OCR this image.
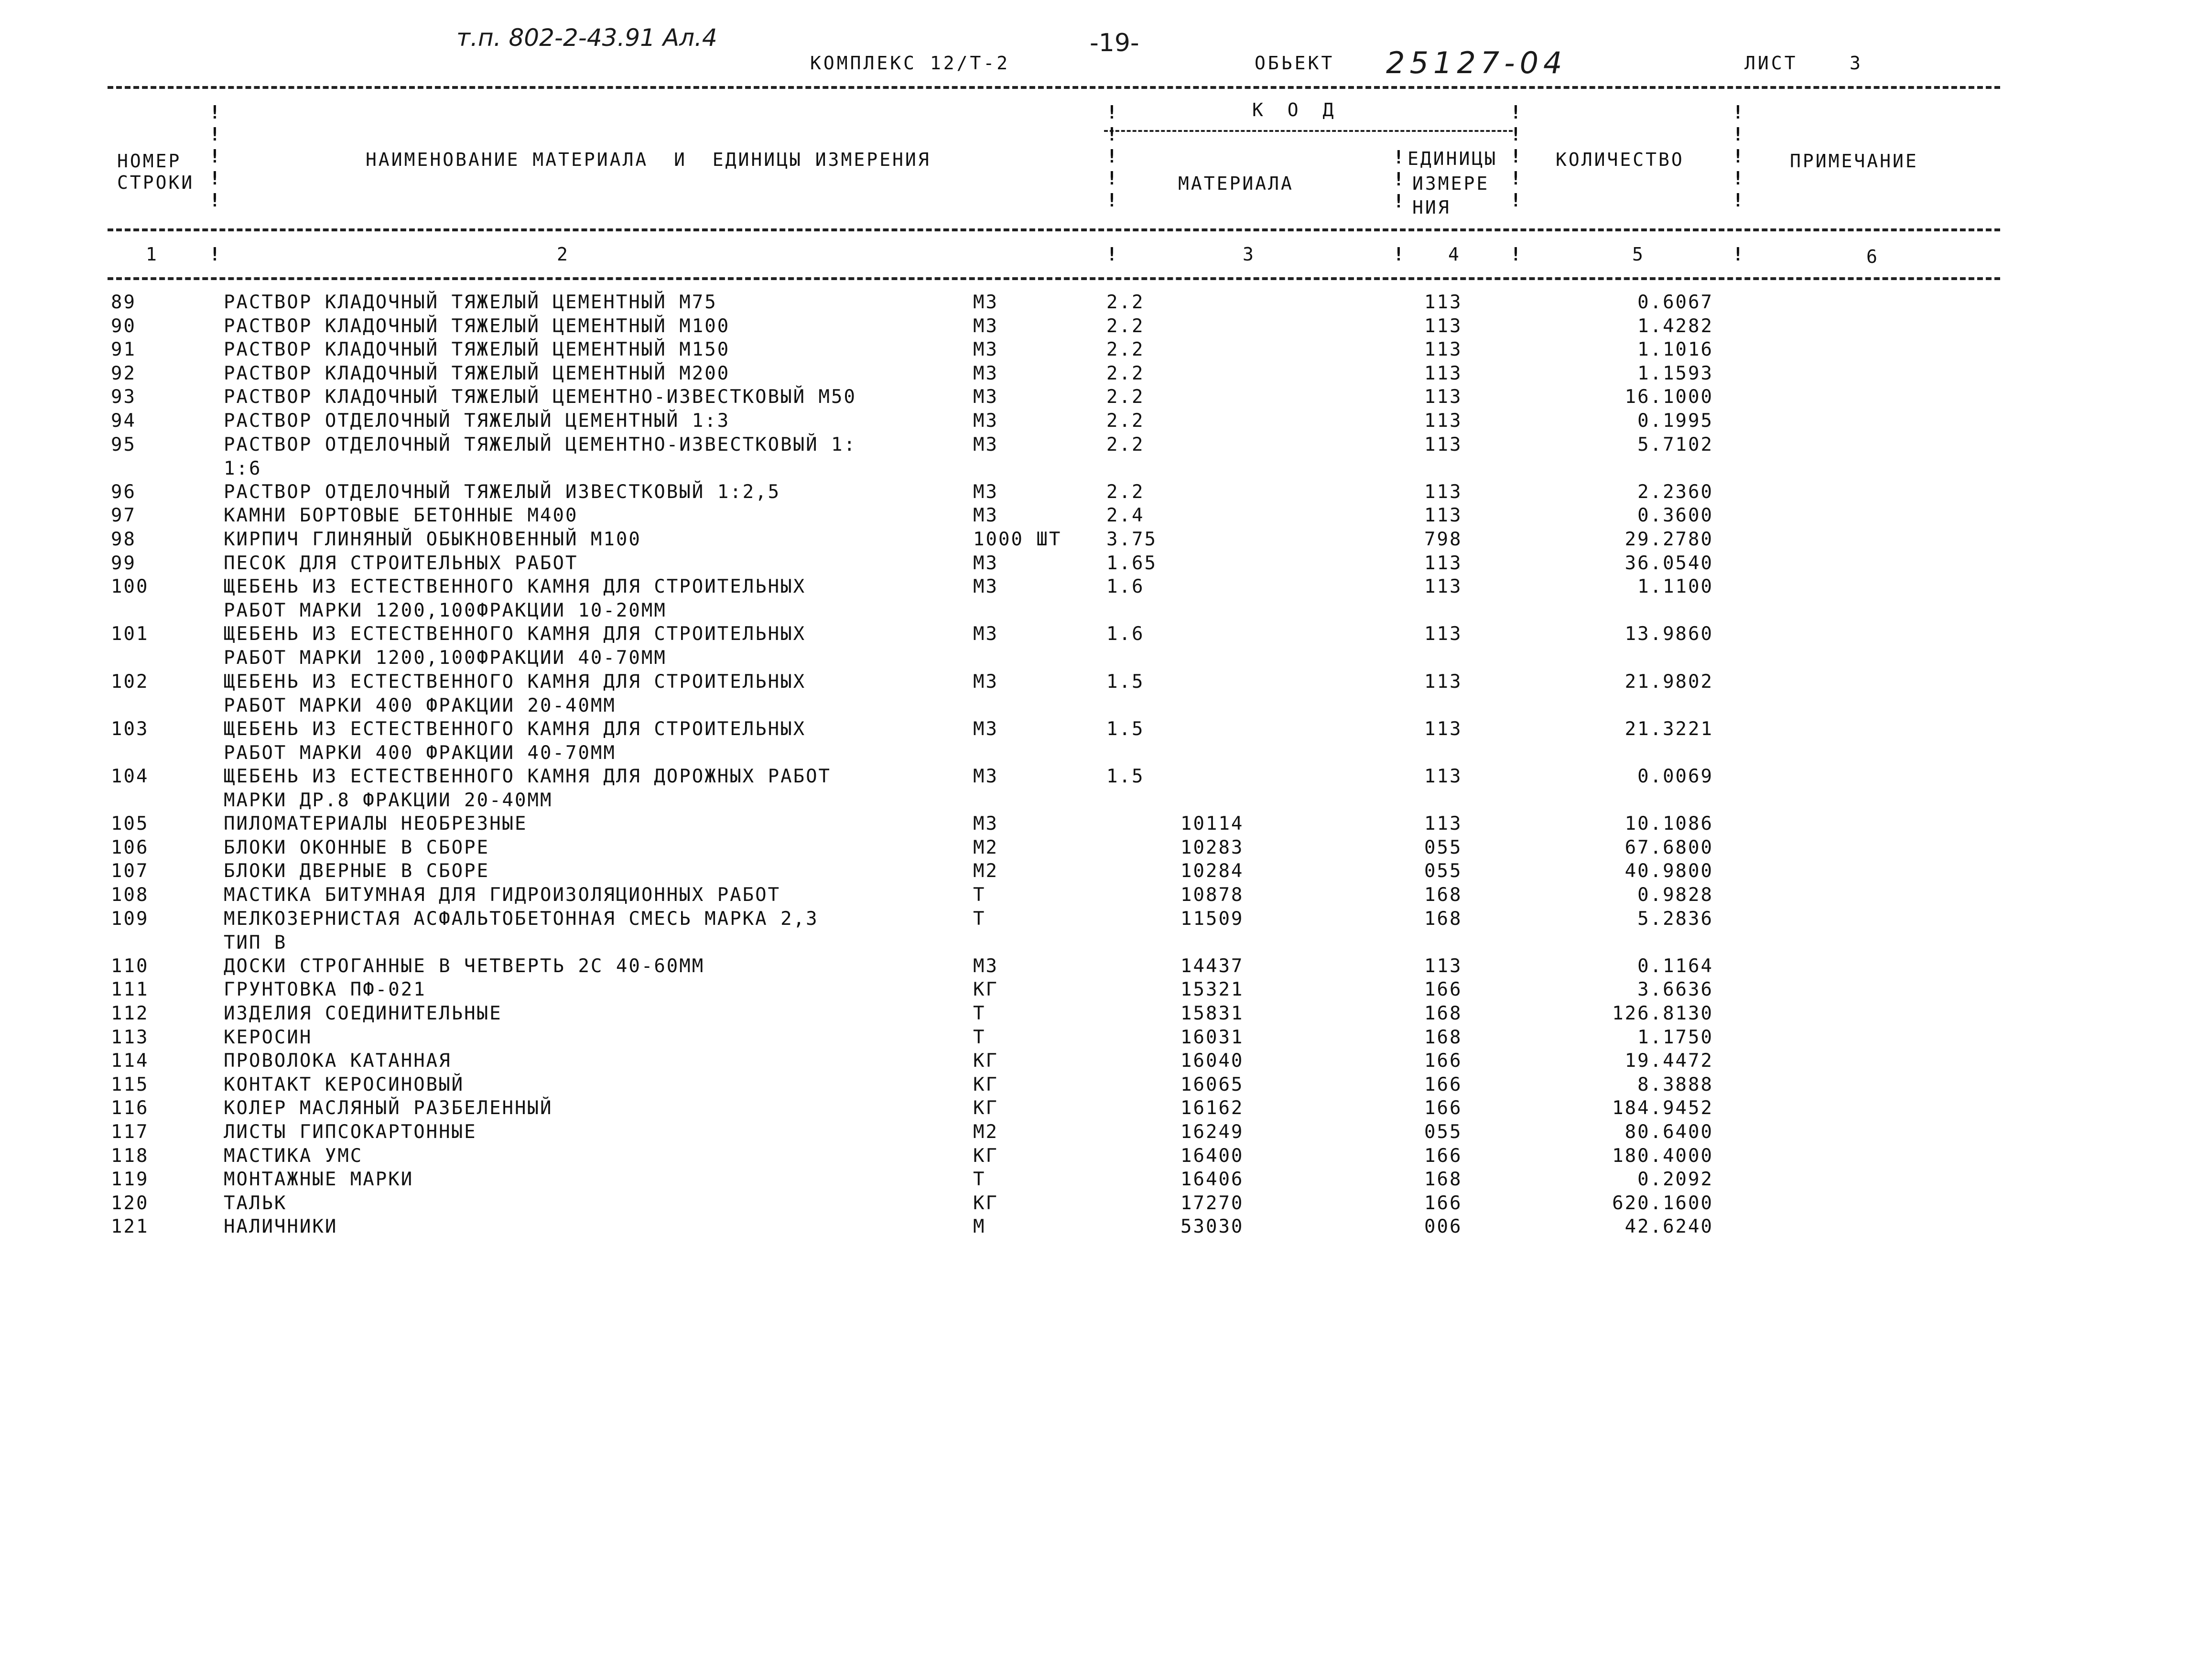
т.п. 802-2-43.91 Ал.4	-19-
25127-04
КОМПЛЕКС 12/Т-2	ОБЬЕКТ	ЛИСТ	3
!
!
!
!
!
!
!
!
!
!
!
!
!
!
!
!
!
!
!
!
!
!
!
НОМЕР
СТРОКИ
НАИМЕНОВАНИЕ МАТЕРИАЛА  И  ЕДИНИЦЫ ИЗМЕРЕНИЯ
К О Д
МАТЕРИАЛА
ЕДИНИЦЫ
ИЗМЕРЕ
НИЯ
КОЛИЧЕСТВО	ПРИМЕЧАНИЕ
1	!	2	!	3	! 4	!	5	!	6
89	РАСТВОР КЛАДОЧНЫЙ ТЯЖЕЛЫЙ ЦЕМЕНТНЫЙ М75	М3	2.2	113	0.6067
90	РАСТВОР КЛАДОЧНЫЙ ТЯЖЕЛЫЙ ЦЕМЕНТНЫЙ М100	М3	2.2	113	1.4282
91	РАСТВОР КЛАДОЧНЫЙ ТЯЖЕЛЫЙ ЦЕМЕНТНЫЙ М150	М3	2.2	113	1.1016
92	РАСТВОР КЛАДОЧНЫЙ ТЯЖЕЛЫЙ ЦЕМЕНТНЫЙ М200	М3	2.2	113	1.1593
93	РАСТВОР КЛАДОЧНЫЙ ТЯЖЕЛЫЙ ЦЕМЕНТНО-ИЗВЕСТКОВЫЙ М50	М3	2.2	113	16.1000
94	РАСТВОР ОТДЕЛОЧНЫЙ ТЯЖЕЛЫЙ ЦЕМЕНТНЫЙ 1:3	М3	2.2	113	0.1995
95	РАСТВОР ОТДЕЛОЧНЫЙ ТЯЖЕЛЫЙ ЦЕМЕНТНО-ИЗВЕСТКОВЫЙ 1:	М3	2.2	113	5.7102
1:6
96	РАСТВОР ОТДЕЛОЧНЫЙ ТЯЖЕЛЫЙ ИЗВЕСТКОВЫЙ 1:2,5	М3	2.2	113	2.2360
97	КАМНИ БОРТОВЫЕ БЕТОННЫЕ М400	М3	2.4	113	0.3600
98	КИРПИЧ ГЛИНЯНЫЙ ОБЫКНОВЕННЫЙ М100	1000 ШТ 3.75	798	29.2780
99	ПЕСОК ДЛЯ СТРОИТЕЛЬНЫХ РАБОТ	М3	1.65	113	36.0540
100	ЩЕБЕНЬ ИЗ ЕСТЕСТВЕННОГО КАМНЯ ДЛЯ СТРОИТЕЛЬНЫХ	М3	1.6	113	1.1100
РАБОТ МАРКИ 1200,100ФРАКЦИИ 10-20ММ
101	ЩЕБЕНЬ ИЗ ЕСТЕСТВЕННОГО КАМНЯ ДЛЯ СТРОИТЕЛЬНЫХ	М3	1.6	113	13.9860
РАБОТ МАРКИ 1200,100ФРАКЦИИ 40-70ММ
102	ЩЕБЕНЬ ИЗ ЕСТЕСТВЕННОГО КАМНЯ ДЛЯ СТРОИТЕЛЬНЫХ	М3	1.5	113	21.9802
РАБОТ МАРКИ 400 ФРАКЦИИ 20-40ММ
103	ЩЕБЕНЬ ИЗ ЕСТЕСТВЕННОГО КАМНЯ ДЛЯ СТРОИТЕЛЬНЫХ	М3	1.5	113	21.3221
РАБОТ МАРКИ 400 ФРАКЦИИ 40-70ММ
104	ЩЕБЕНЬ ИЗ ЕСТЕСТВЕННОГО КАМНЯ ДЛЯ ДОРОЖНЫХ РАБОТ	М3	1.5	113	0.0069
МАРКИ ДР.8 ФРАКЦИИ 20-40ММ
105	ПИЛОМАТЕРИАЛЫ НЕОБРЕЗНЫЕ	М3	10114	113	10.1086
106	БЛОКИ ОКОННЫЕ В СБОРЕ	М2	10283	055	67.6800
107	БЛОКИ ДВЕРНЫЕ В СБОРЕ	М2	10284	055	40.9800
108	МАСТИКА БИТУМНАЯ ДЛЯ ГИДРОИЗОЛЯЦИОННЫХ РАБОТ	Т	10878	168	0.9828
109	МЕЛКОЗЕРНИСТАЯ АСФАЛЬТОБЕТОННАЯ СМЕСЬ МАРКА 2,3	Т	11509	168	5.2836
ТИП В
110	ДОСКИ СТРОГАННЫЕ В ЧЕТВЕРТЬ 2С 40-60ММ	М3	14437	113	0.1164
111	ГРУНТОВКА ПФ-021	КГ	15321	166	3.6636
112	ИЗДЕЛИЯ СОЕДИНИТЕЛЬНЫЕ	Т	15831	168	126.8130
113	КЕРОСИН	Т	16031	168	1.1750
114	ПРОВОЛОКА КАТАННАЯ	КГ	16040	166	19.4472
115	КОНТАКТ КЕРОСИНОВЫЙ	КГ	16065	166	8.3888
116	КОЛЕР МАСЛЯНЫЙ РАЗБЕЛЕННЫЙ	КГ	16162	166	184.9452
117	ЛИСТЫ ГИПСОКАРТОННЫЕ	М2	16249	055	80.6400
118	МАСТИКА УМС	КГ	16400	166	180.4000
119	МОНТАЖНЫЕ МАРКИ	Т	16406	168	0.2092
120	ТАЛЬК	КГ	17270	166	620.1600
121	НАЛИЧНИКИ	М	53030	006	42.6240
